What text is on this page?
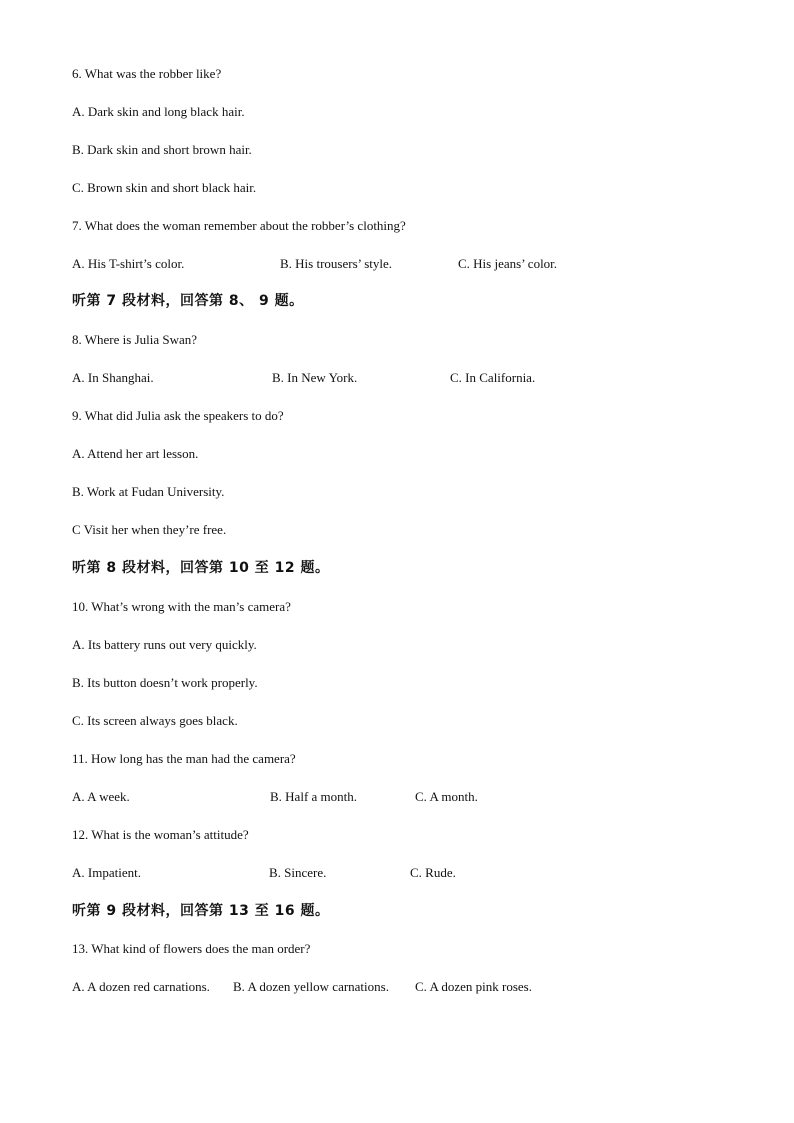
6. What was the robber like?
A. Dark skin and long black hair.
B. Dark skin and short brown hair.
C. Brown skin and short black hair.
7. What does the woman remember about the robber’s clothing?
A. His T-shirt’s color.	B. His trousers’ style.	C. His jeans’ color.
听第 7 段材料，回答第 8、 9 题。
8. Where is Julia Swan?
A. In Shanghai.	B. In New York.	C. In California.
9. What did Julia ask the speakers to do?
A. Attend her art lesson.
B. Work at Fudan University.
C Visit her when they’re free.
听第 8 段材料，回答第 10 至 12 题。
10. What’s wrong with the man’s camera?
A. Its battery runs out very quickly.
B. Its button doesn’t work properly.
C. Its screen always goes black.
11. How long has the man had the camera?
A. A week.	B. Half a month.	C. A month.
12. What is the woman’s attitude?
A. Impatient.	B. Sincere.	C. Rude.
听第 9 段材料，回答第 13 至 16 题。
13. What kind of flowers does the man order?
A. A dozen red carnations. B. A dozen yellow carnations. C. A dozen pink roses.
